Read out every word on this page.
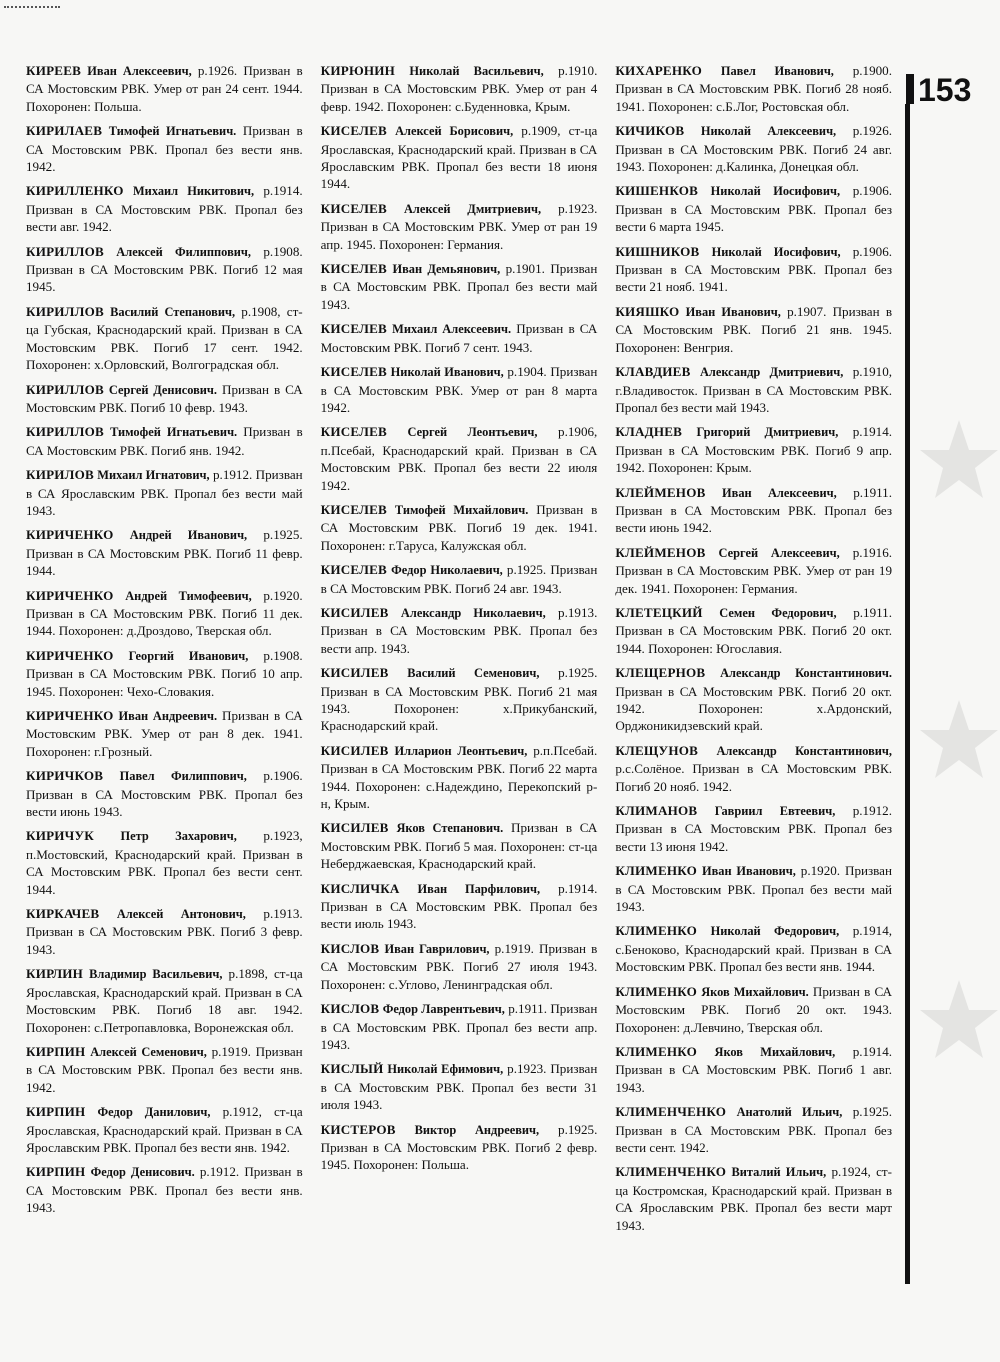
КИРЕЕВ Иван Алексеевич, р.1926. Призван в СА Мостовским РВК. Умер от ран 24 сент. 1944. Похоронен: Польша.

КИРИЛАЕВ Тимофей Игнатьевич. Призван в СА Мостовским РВК. Пропал без вести янв. 1942.

КИРИЛЛЕНКО Михаил Никитович, р.1914. Призван в СА Мостовским РВК. Пропал без вести авг. 1942.

КИРИЛЛОВ Алексей Филиппович, р.1908. Призван в СА Мостовским РВК. Погиб 12 мая 1945.

КИРИЛЛОВ Василий Степанович, р.1908, ст-ца Губская, Краснодарский край. Призван в СА Мостовским РВК. Погиб 17 сент. 1942. Похоронен: х.Орловский, Волгоградская обл.

КИРИЛЛОВ Сергей Денисович. Призван в СА Мостовским РВК. Погиб 10 февр. 1943.

КИРИЛЛОВ Тимофей Игнатьевич. Призван в СА Мостовским РВК. Погиб янв. 1942.

КИРИЛОВ Михаил Игнатович, р.1912. Призван в СА Ярославским РВК. Пропал без вести май 1943.

КИРИЧЕНКО Андрей Иванович, р.1925. Призван в СА Мостовским РВК. Погиб 11 февр. 1944.

КИРИЧЕНКО Андрей Тимофеевич, р.1920. Призван в СА Мостовским РВК. Погиб 11 дек. 1944. Похоронен: д.Дроздово, Тверская обл.

КИРИЧЕНКО Георгий Иванович, р.1908. Призван в СА Мостовским РВК. Погиб 10 апр. 1945. Похоронен: Чехо-Словакия.

КИРИЧЕНКО Иван Андреевич. Призван в СА Мостовским РВК. Умер от ран 8 дек. 1941. Похоронен: г.Грозный.

КИРИЧКОВ Павел Филиппович, р.1906. Призван в СА Мостовским РВК. Пропал без вести июнь 1943.

КИРИЧУК Петр Захарович, р.1923, п.Мостовский, Краснодарский край. Призван в СА Мостовским РВК. Пропал без вести сент. 1944.

КИРКАЧЕВ Алексей Антонович, р.1913. Призван в СА Мостовским РВК. Погиб 3 февр. 1943.

КИРЛИН Владимир Васильевич, р.1898, ст-ца Ярославская, Краснодарский край. Призван в СА Мостовским РВК. Погиб 18 авг. 1942. Похоронен: с.Петропавловка, Воронежская обл.

КИРПИН Алексей Семенович, р.1919. Призван в СА Мостовским РВК. Пропал без вести янв. 1942.

КИРПИН Федор Данилович, р.1912, ст-ца Ярославская, Краснодарский край. Призван в СА Ярославским РВК. Пропал без вести янв. 1942.

КИРПИН Федор Денисович. р.1912. Призван в СА Мостовским РВК. Пропал без вести янв. 1943.

КИРЮНИН Николай Васильевич, р.1910. Призван в СА Мостовским РВК. Умер от ран 4 февр. 1942. Похоронен: с.Буденновка, Крым.

КИСЕЛЕВ Алексей Борисович, р.1909, ст-ца Ярославская, Краснодарский край. Призван в СА Ярославским РВК. Пропал без вести 18 июня 1944.

КИСЕЛЕВ Алексей Дмитриевич, р.1923. Призван в СА Мостовским РВК. Умер от ран 19 апр. 1945. Похоронен: Германия.

КИСЕЛЕВ Иван Демьянович, р.1901. Призван в СА Мостовским РВК. Пропал без вести май 1943.

КИСЕЛЕВ Михаил Алексеевич. Призван в СА Мостовским РВК. Погиб 7 сент. 1943.

КИСЕЛЕВ Николай Иванович, р.1904. Призван в СА Мостовским РВК. Умер от ран 8 марта 1942.

КИСЕЛЕВ Сергей Леонтьевич, р.1906, п.Псебай, Краснодарский край. Призван в СА Мостовским РВК. Пропал без вести 22 июля 1942.

КИСЕЛЕВ Тимофей Михайлович. Призван в СА Мостовским РВК. Погиб 19 дек. 1941. Похоронен: г.Таруса, Калужская обл.

КИСЕЛЕВ Федор Николаевич, р.1925. Призван в СА Мостовским РВК. Погиб 24 авг. 1943.

КИСИЛЕВ Александр Николаевич, р.1913. Призван в СА Мостовским РВК. Пропал без вести апр. 1943.

КИСИЛЕВ Василий Семенович, р.1925. Призван в СА Мостовским РВК. Погиб 21 мая 1943. Похоронен: х.Прикубанский, Краснодарский край.

КИСИЛЕВ Илларион Леонтьевич, р.п.Псебай. Призван в СА Мостовским РВК. Погиб 22 марта 1944. Похоронен: с.Надеждино, Перекопский р-н, Крым.

КИСИЛЕВ Яков Степанович. Призван в СА Мостовским РВК. Погиб 5 мая. Похоронен: ст-ца Неберджаевская, Краснодарский край.

КИСЛИЧКА Иван Парфилович, р.1914. Призван в СА Мостовским РВК. Пропал без вести июль 1943.

КИСЛОВ Иван Гаврилович, р.1919. Призван в СА Мостовским РВК. Погиб 27 июля 1943. Похоронен: с.Углово, Ленинградская обл.

КИСЛОВ Федор Лаврентьевич, р.1911. Призван в СА Мостовским РВК. Пропал без вести апр. 1943.

КИСЛЫЙ Николай Ефимович, р.1923. Призван в СА Мостовским РВК. Пропал без вести 31 июля 1943.

КИСТЕРОВ Виктор Андреевич, р.1925. Призван в СА Мостовским РВК. Погиб 2 февр. 1945. Похоронен: Польша.

КИХАРЕНКО Павел Иванович, р.1900. Призван в СА Мостовским РВК. Погиб 28 нояб. 1941. Похоронен: с.Б.Лог, Ростовская обл.

КИЧИКОВ Николай Алексеевич, р.1926. Призван в СА Мостовским РВК. Погиб 24 авг. 1943. Похоронен: д.Калинка, Донецкая обл.

КИШЕНКОВ Николай Иосифович, р.1906. Призван в СА Мостовским РВК. Пропал без вести 6 марта 1945.

КИШНИКОВ Николай Иосифович, р.1906. Призван в СА Мостовским РВК. Пропал без вести 21 нояб. 1941.

КИЯШКО Иван Иванович, р.1907. Призван в СА Мостовским РВК. Погиб 21 янв. 1945. Похоронен: Венгрия.

КЛАВДИЕВ Александр Дмитриевич, р.1910, г.Владивосток. Призван в СА Мостовским РВК. Пропал без вести май 1943.

КЛАДНЕВ Григорий Дмитриевич, р.1914. Призван в СА Мостовским РВК. Погиб 9 апр. 1942. Похоронен: Крым.

КЛЕЙМЕНОВ Иван Алексеевич, р.1911. Призван в СА Мостовским РВК. Пропал без вести июнь 1942.

КЛЕЙМЕНОВ Сергей Алексеевич, р.1916. Призван в СА Мостовским РВК. Умер от ран 19 дек. 1941. Похоронен: Германия.

КЛЕТЕЦКИЙ Семен Федорович, р.1911. Призван в СА Мостовским РВК. Погиб 20 окт. 1944. Похоронен: Югославия.

КЛЕЩЕРНОВ Александр Константинович. Призван в СА Мостовским РВК. Погиб 20 окт. 1942. Похоронен: х.Ардонский, Орджоникидзевский край.

КЛЕЩУНОВ Александр Константинович, р.с.Солёное. Призван в СА Мостовским РВК. Погиб 20 нояб. 1942.

КЛИМАНОВ Гавриил Евтеевич, р.1912. Призван в СА Мостовским РВК. Пропал без вести 13 июня 1942.

КЛИМЕНКО Иван Иванович, р.1920. Призван в СА Мостовским РВК. Пропал без вести май 1943.

КЛИМЕНКО Николай Федорович, р.1914, с.Беноково, Краснодарский край. Призван в СА Мостовским РВК. Пропал без вести янв. 1944.

КЛИМЕНКО Яков Михайлович. Призван в СА Мостовским РВК. Погиб 20 окт. 1943. Похоронен: д.Левчино, Тверская обл.

КЛИМЕНКО Яков Михайлович, р.1914. Призван в СА Мостовским РВК. Погиб 1 авг. 1943.

КЛИМЕНЧЕНКО Анатолий Ильич, р.1925. Призван в СА Мостовским РВК. Пропал без вести сент. 1942.

КЛИМЕНЧЕНКО Виталий Ильич, р.1924, ст-ца Костромская, Краснодарский край. Призван в СА Ярославским РВК. Пропал без вести март 1943.

153
